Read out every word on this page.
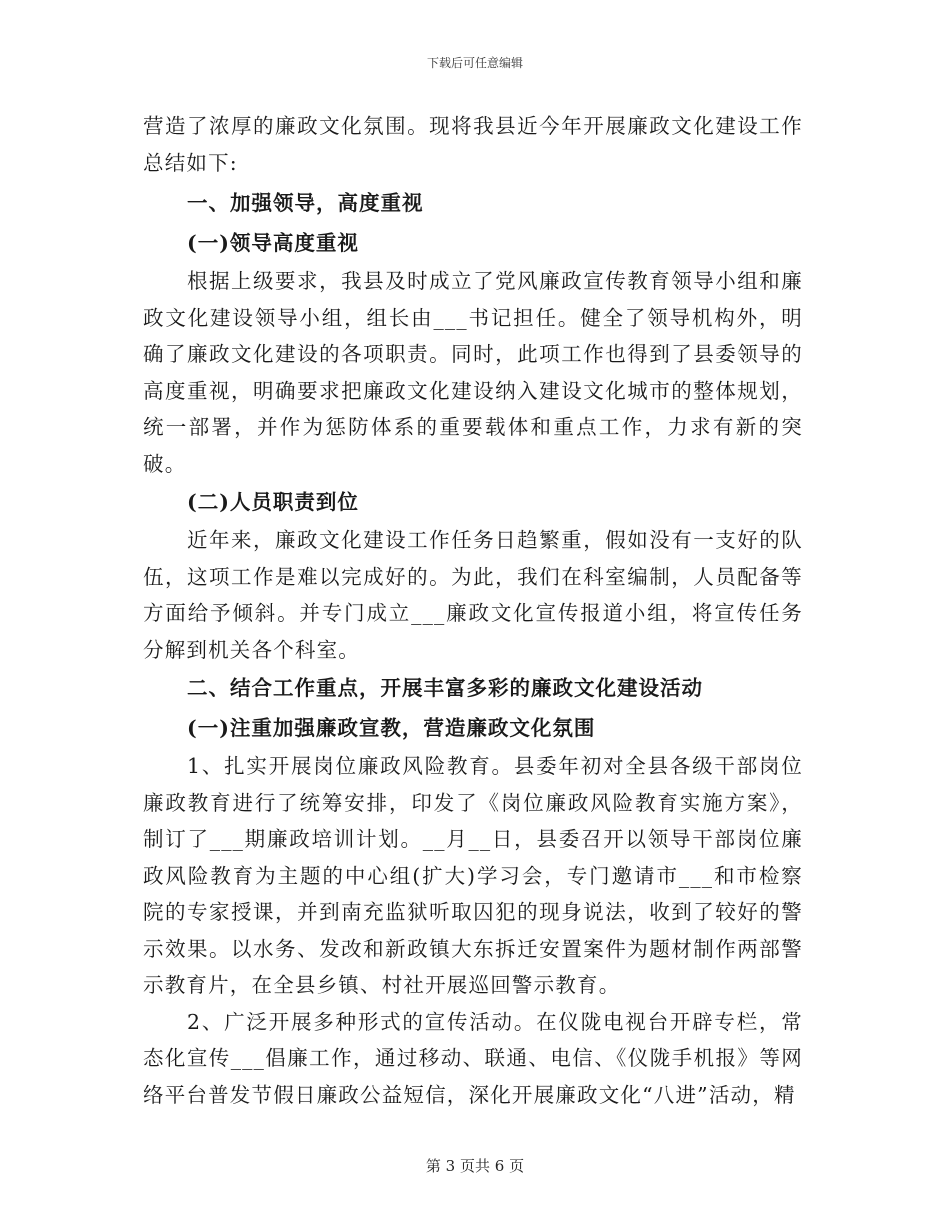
下载后可任意编辑

营造了浓厚的廉政文化氛围。现将我县近今年开展廉政文化建设工作总结如下:

一、加强领导，高度重视

(一)领导高度重视

根据上级要求，我县及时成立了党风廉政宣传教育领导小组和廉政文化建设领导小组，组长由___书记担任。健全了领导机构外，明确了廉政文化建设的各项职责。同时，此项工作也得到了县委领导的高度重视，明确要求把廉政文化建设纳入建设文化城市的整体规划，统一部署，并作为惩防体系的重要载体和重点工作，力求有新的突破。

(二)人员职责到位

近年来，廉政文化建设工作任务日趋繁重，假如没有一支好的队伍，这项工作是难以完成好的。为此，我们在科室编制，人员配备等方面给予倾斜。并专门成立___廉政文化宣传报道小组，将宣传任务分解到机关各个科室。

二、结合工作重点，开展丰富多彩的廉政文化建设活动

(一)注重加强廉政宣教，营造廉政文化氛围

1、扎实开展岗位廉政风险教育。县委年初对全县各级干部岗位廉政教育进行了统筹安排，印发了《岗位廉政风险教育实施方案》，制订了___期廉政培训计划。__月__日，县委召开以领导干部岗位廉政风险教育为主题的中心组(扩大)学习会，专门邀请市___和市检察院的专家授课，并到南充监狱听取囚犯的现身说法，收到了较好的警示效果。以水务、发改和新政镇大东拆迁安置案件为题材制作两部警示教育片，在全县乡镇、村社开展巡回警示教育。

2、广泛开展多种形式的宣传活动。在仪陇电视台开辟专栏，常态化宣传___倡廉工作，通过移动、联通、电信、《仪陇手机报》等网络平台普发节假日廉政公益短信，深化开展廉政文化“八进”活动，精

第 3 页共 6 页
